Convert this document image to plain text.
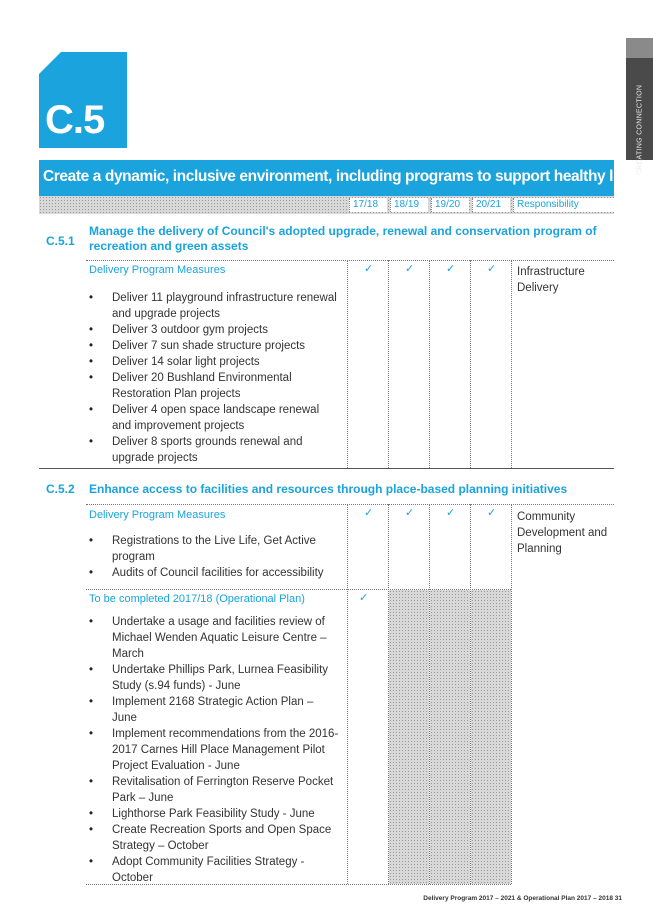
CREATING CONNECTION
C.5
Create a dynamic, inclusive environment, including programs to support healthy living
17/18	18/19	19/20	20/21	Responsibility
C.5.1
Manage the delivery of Council's adopted upgrade, renewal and conservation program of recreation and green assets
Delivery Program Measures	✓	✓	✓	✓ Infrastructure Delivery
• Deliver 11 playground infrastructure renewal and upgrade projects
• Deliver 3 outdoor gym projects
• Deliver 7 sun shade structure projects
• Deliver 14 solar light projects
• Deliver 20 Bushland Environmental Restoration Plan projects
• Deliver 4 open space landscape renewal and improvement projects
• Deliver 8 sports grounds renewal and upgrade projects
C.5.2 Enhance access to facilities and resources through place-based planning initiatives
Delivery Program Measures	✓	✓	✓	✓ Community Development and Planning
• Registrations to the Live Life, Get Active program
• Audits of Council facilities for accessibility
To be completed 2017/18 (Operational Plan)	✓
• Undertake a usage and facilities review of Michael Wenden Aquatic Leisure Centre – March
• Undertake Phillips Park, Lurnea Feasibility Study (s.94 funds) - June
• Implement 2168 Strategic Action Plan – June
• Implement recommendations from the 2016-2017 Carnes Hill Place Management Pilot Project Evaluation - June
• Revitalisation of Ferrington Reserve Pocket Park – June
• Lighthorse Park Feasibility Study - June
• Create Recreation Sports and Open Space Strategy – October
• Adopt Community Facilities Strategy - October
Delivery Program 2017 – 2021 & Operational Plan 2017 – 2018 31
